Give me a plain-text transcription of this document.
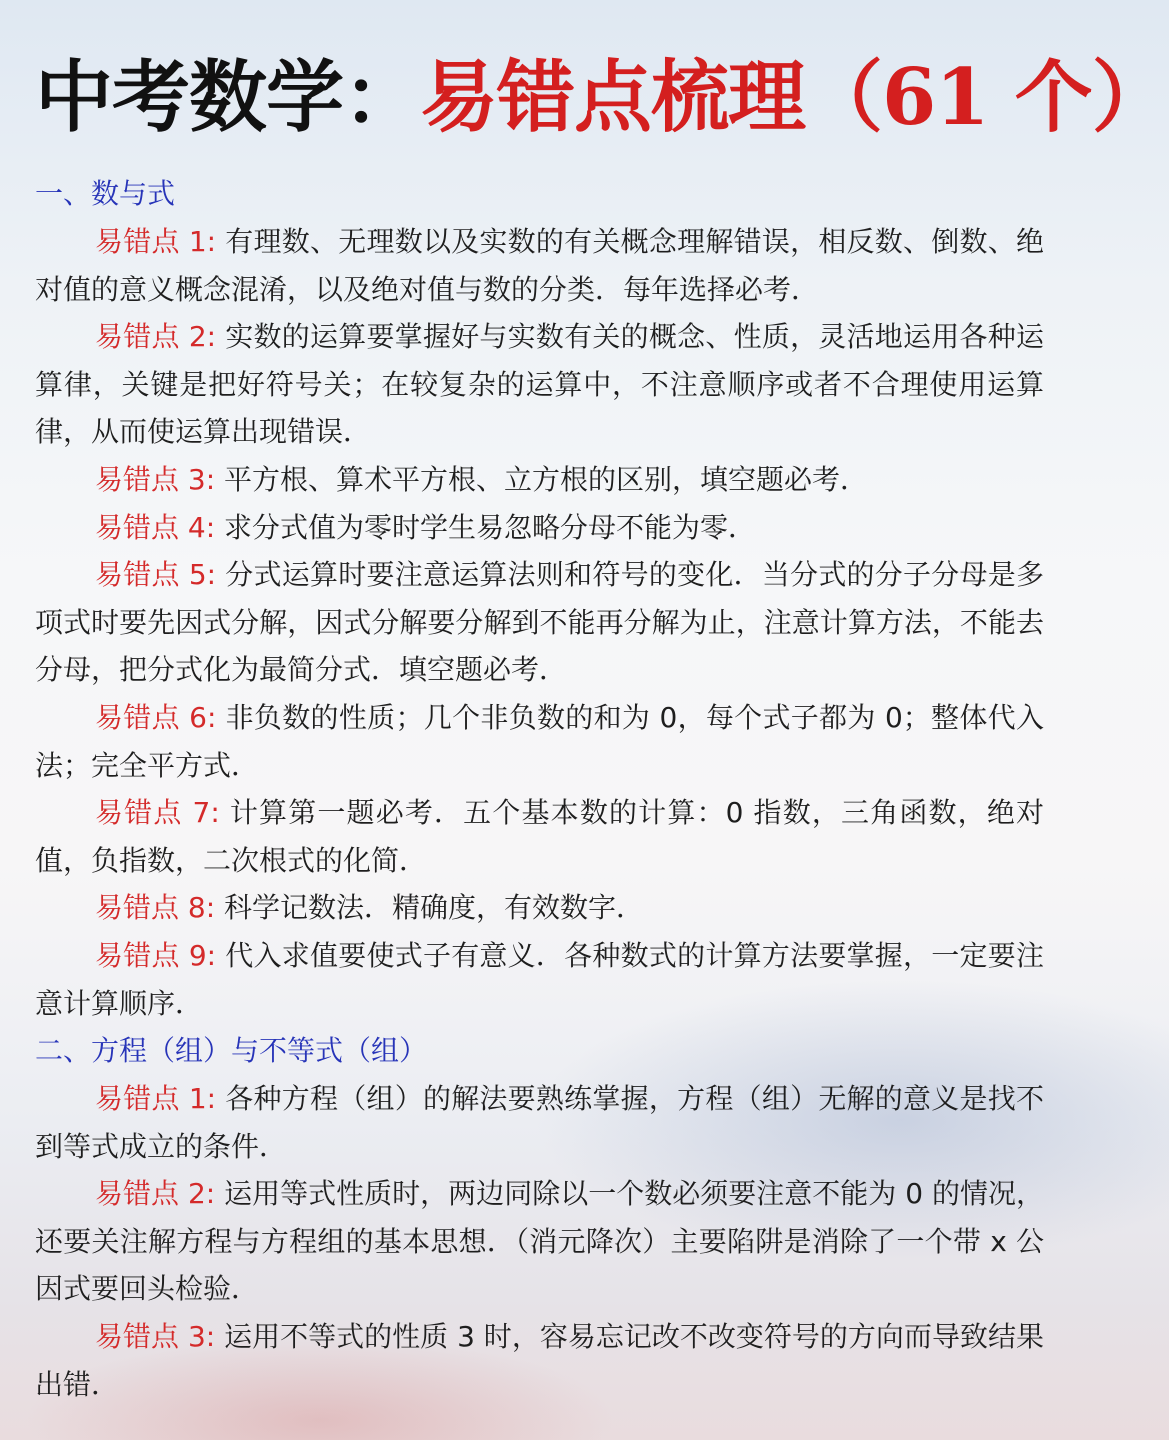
中考数学：易错点梳理（61 个）

一、数与式

易错点 1: 有理数、无理数以及实数的有关概念理解错误，相反数、倒数、绝对值的意义概念混淆，以及绝对值与数的分类．每年选择必考．

易错点 2: 实数的运算要掌握好与实数有关的概念、性质，灵活地运用各种运算律，关键是把好符号关；在较复杂的运算中，不注意顺序或者不合理使用运算律，从而使运算出现错误．

易错点 3: 平方根、算术平方根、立方根的区别，填空题必考．

易错点 4: 求分式值为零时学生易忽略分母不能为零．

易错点 5: 分式运算时要注意运算法则和符号的变化．当分式的分子分母是多项式时要先因式分解，因式分解要分解到不能再分解为止，注意计算方法，不能去分母，把分式化为最简分式．填空题必考．

易错点 6: 非负数的性质；几个非负数的和为 0，每个式子都为 0；整体代入法；完全平方式．

易错点 7: 计算第一题必考．五个基本数的计算：0 指数，三角函数，绝对值，负指数，二次根式的化简．

易错点 8: 科学记数法．精确度，有效数字．

易错点 9: 代入求值要使式子有意义．各种数式的计算方法要掌握，一定要注意计算顺序．

二、方程（组）与不等式（组）

易错点 1: 各种方程（组）的解法要熟练掌握，方程（组）无解的意义是找不到等式成立的条件．

易错点 2: 运用等式性质时，两边同除以一个数必须要注意不能为 0 的情况，还要关注解方程与方程组的基本思想．（消元降次）主要陷阱是消除了一个带 x 公因式要回头检验．

易错点 3: 运用不等式的性质 3 时，容易忘记改不改变符号的方向而导致结果出错．
